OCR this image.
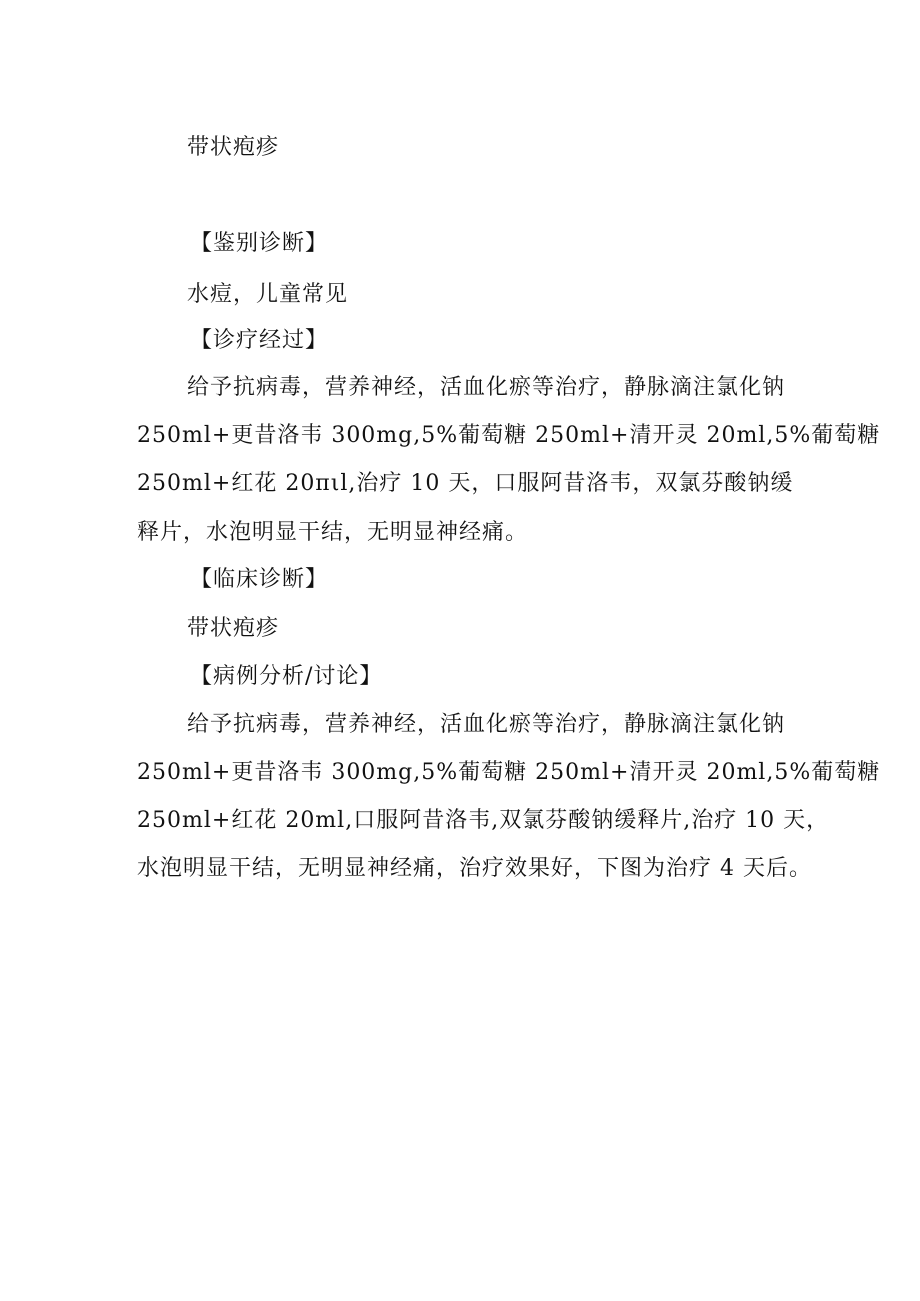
带状疱疹
【鉴别诊断】
水痘，儿童常见
【诊疗经过】
给予抗病毒，营养神经，活血化瘀等治疗，静脉滴注氯化钠
250ml+更昔洛韦 300mg,5%葡萄糖 250ml+清开灵 20ml,5%葡萄糖
250ml+红花 20πιl,治疗 10 天，口服阿昔洛韦，双氯芬酸钠缓
释片，水泡明显干结，无明显神经痛。
【临床诊断】
带状疱疹
【病例分析/讨论】
给予抗病毒，营养神经，活血化瘀等治疗，静脉滴注氯化钠
250ml+更昔洛韦 300mg,5%葡萄糖 250ml+清开灵 20ml,5%葡萄糖
250ml+红花 20ml,口服阿昔洛韦,双氯芬酸钠缓释片,治疗 10 天，
水泡明显干结，无明显神经痛，治疗效果好，下图为治疗 4 天后。
